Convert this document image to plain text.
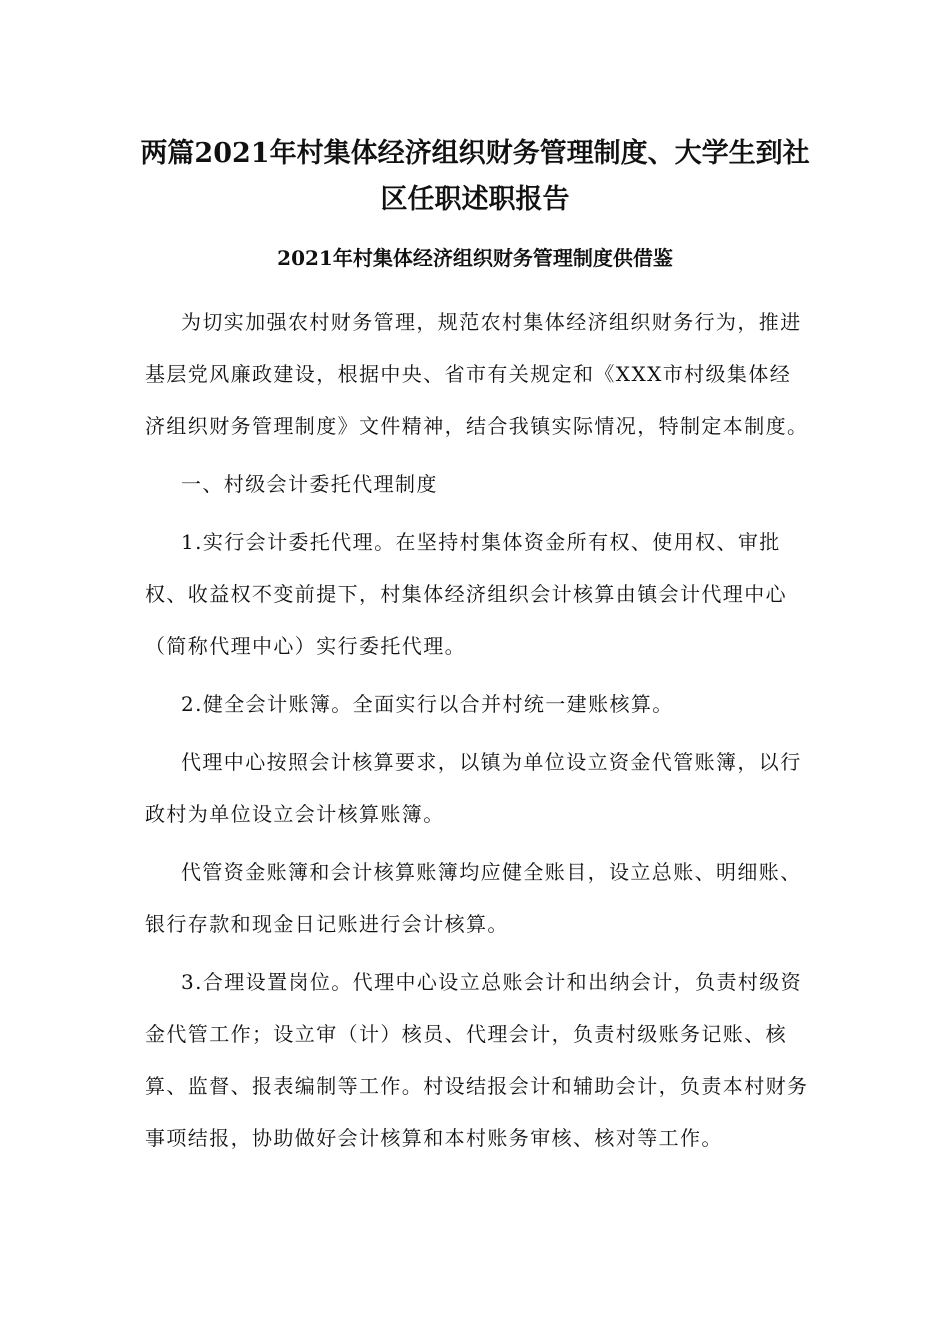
两篇2021年村集体经济组织财务管理制度、大学生到社
区任职述职报告
2021年村集体经济组织财务管理制度供借鉴

为切实加强农村财务管理，规范农村集体经济组织财务行为，推进基层党风廉政建设，根据中央、省市有关规定和《XXX市村级集体经济组织财务管理制度》文件精神，结合我镇实际情况，特制定本制度。

一、村级会计委托代理制度

1.实行会计委托代理。在坚持村集体资金所有权、使用权、审批权、收益权不变前提下，村集体经济组织会计核算由镇会计代理中心（简称代理中心）实行委托代理。

2.健全会计账簿。全面实行以合并村统一建账核算。

代理中心按照会计核算要求，以镇为单位设立资金代管账簿，以行政村为单位设立会计核算账簿。

代管资金账簿和会计核算账簿均应健全账目，设立总账、明细账、银行存款和现金日记账进行会计核算。

3.合理设置岗位。代理中心设立总账会计和出纳会计，负责村级资金代管工作；设立审（计）核员、代理会计，负责村级账务记账、核算、监督、报表编制等工作。村设结报会计和辅助会计，负责本村财务事项结报，协助做好会计核算和本村账务审核、核对等工作。
